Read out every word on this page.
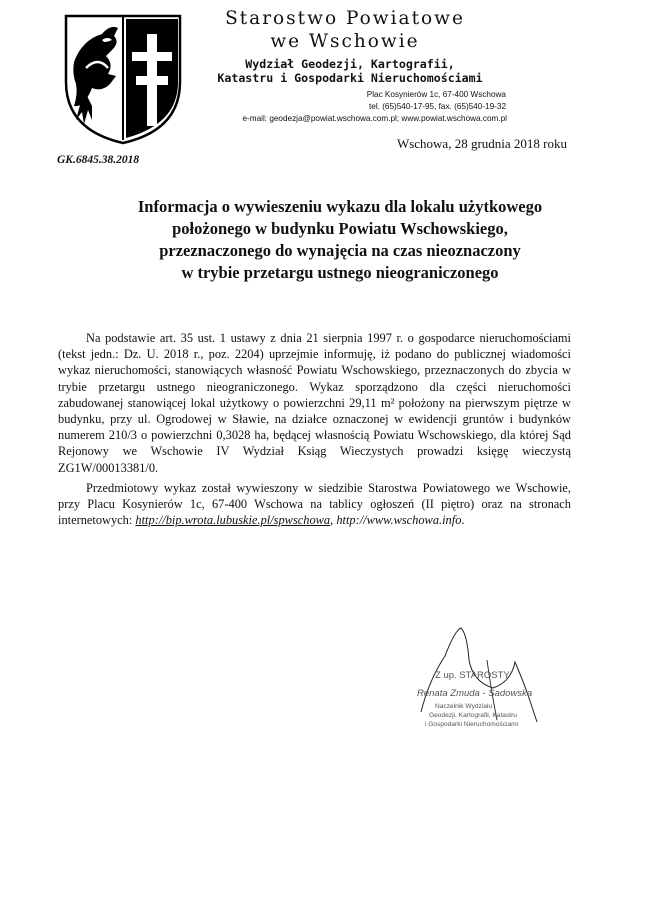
Starostwo Powiatowe
we Wschowie
Wydział Geodezji, Kartografii,
Katastru i Gospodarki Nieruchomościami
Plac Kosynierów 1c, 67-400 Wschowa
tel. (65)540-17-95, fax. (65)540-19-32
e-mail: geodezja@powiat.wschowa.com.pl; www.powiat.wschowa.com.pl
Wschowa, 28 grudnia 2018 roku
GK.6845.38.2018
Informacja o wywieszeniu wykazu dla lokalu użytkowego
położonego w budynku Powiatu Wschowskiego,
przeznaczonego do wynajęcia na czas nieoznaczony
w trybie przetargu ustnego nieograniczonego

Na podstawie art. 35 ust. 1 ustawy z dnia 21 sierpnia 1997 r. o gospodarce nieruchomościami (tekst jedn.: Dz. U. 2018 r., poz. 2204) uprzejmie informuję, iż podano do publicznej wiadomości wykaz nieruchomości, stanowiących własność Powiatu Wschowskiego, przeznaczonych do zbycia w trybie przetargu ustnego nieograniczonego. Wykaz sporządzono dla części nieruchomości zabudowanej stanowiącej lokal użytkowy o powierzchni 29,11 m² położony na pierwszym piętrze w budynku, przy ul. Ogrodowej w Sławie, na działce oznaczonej w ewidencji gruntów i budynków numerem 210/3 o powierzchni 0,3028 ha, będącej własnością Powiatu Wschowskiego, dla której Sąd Rejonowy we Wschowie IV Wydział Ksiąg Wieczystych prowadzi księgę wieczystą ZG1W/00013381/0.

Przedmiotowy wykaz został wywieszony w siedzibie Starostwa Powiatowego we Wschowie, przy Placu Kosynierów 1c, 67-400 Wschowa na tablicy ogłoszeń (II piętro) oraz na stronach internetowych: http://bip.wrota.lubuskie.pl/spwschowa, http://www.wschowa.info.

Z up. STAROSTY
Renata Zmuda - Sadowska
Naczelnik Wydziału
Geodezji, Kartografii, Katastru
i Gospodarki Nieruchomościami
